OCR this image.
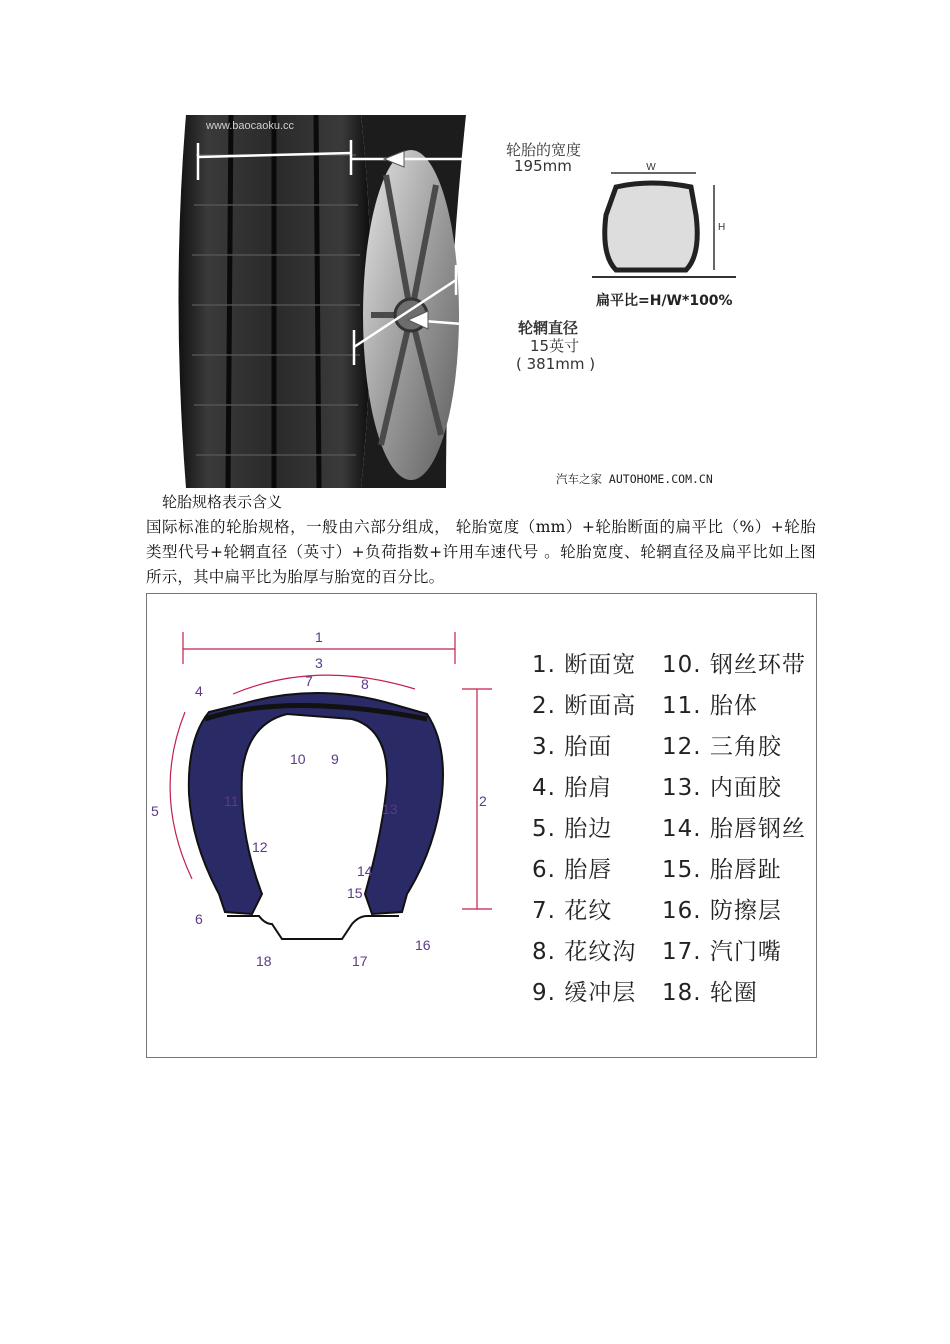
W
H
www.baocaoku.cc
轮胎的宽度
195mm
扁平比=H/W*100%
轮辋直径
15英寸
( 381mm )
汽车之家 AUTOHOME.COM.CN
轮胎规格表示含义
国际标准的轮胎规格，一般由六部分组成， 轮胎宽度（mm）+轮胎断面的扁平比（%）+轮胎类型代号+轮辋直径（英寸）+负荷指数+许用车速代号 。轮胎宽度、轮辋直径及扁平比如上图所示，其中扁平比为胎厚与胎宽的百分比。
1
2
3
4
5
6
7	8
9
10
11
12
13
14
15
16
17
18
1. 断面宽
2. 断面高
3. 胎面
4. 胎肩
5. 胎边
6. 胎唇
7. 花纹
8. 花纹沟
9. 缓冲层
10. 钢丝环带
11. 胎体
12. 三角胶
13. 内面胶
14. 胎唇钢丝
15. 胎唇趾
16. 防擦层
17. 汽门嘴
18. 轮圈
